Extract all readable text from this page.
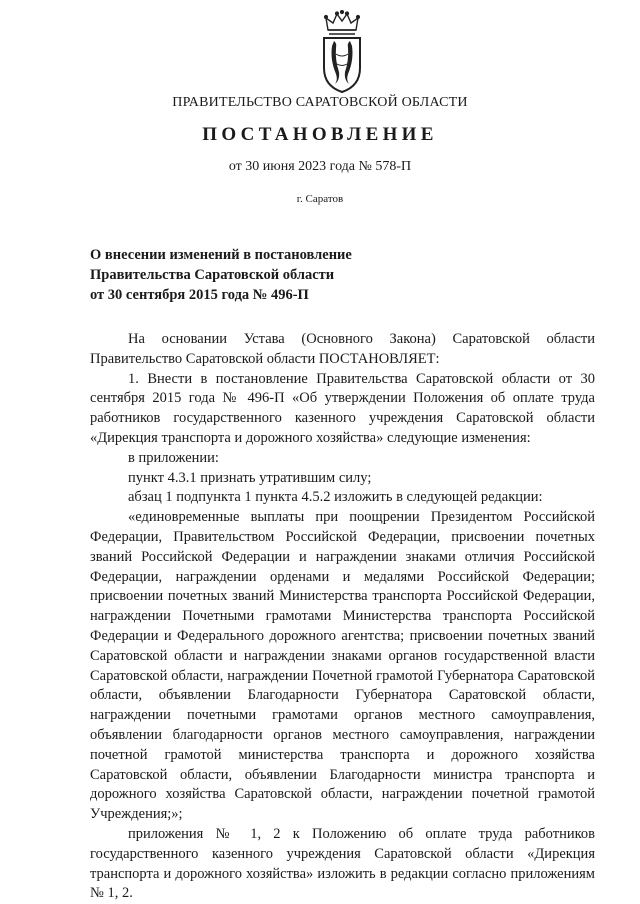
ПРАВИТЕЛЬСТВО САРАТОВСКОЙ ОБЛАСТИ
ПОСТАНОВЛЕНИЕ
от 30 июня 2023 года № 578-П
г. Саратов
О внесении изменений в постановление
Правительства Саратовской области
от 30 сентября 2015 года № 496-П

На основании Устава (Основного Закона) Саратовской области Правительство Саратовской области ПОСТАНОВЛЯЕТ:

1. Внести в постановление Правительства Саратовской области от 30 сентября 2015 года № 496-П «Об утверждении Положения об оплате труда работников государственного казенного учреждения Саратовской области «Дирекция транспорта и дорожного хозяйства» следующие изменения:

в приложении:

пункт 4.3.1 признать утратившим силу;

абзац 1 подпункта 1 пункта 4.5.2 изложить в следующей редакции:

«единовременные выплаты при поощрении Президентом Российской Федерации, Правительством Российской Федерации, присвоении почетных званий Российской Федерации и награждении знаками отличия Российской Федерации, награждении орденами и медалями Российской Федерации; присвоении почетных званий Министерства транспорта Российской Федерации, награждении Почетными грамотами Министерства транспорта Российской Федерации и Федерального дорожного агентства; присвоении почетных званий Саратовской области и награждении знаками органов государственной власти Саратовской области, награждении Почетной грамотой Губернатора Саратовской области, объявлении Благодарности Губернатора Саратовской области, награждении почетными грамотами органов местного самоуправления, объявлении благодарности органов местного самоуправления, награждении почетной грамотой министерства транспорта и дорожного хозяйства Саратовской области, объявлении Благодарности министра транспорта и дорожного хозяйства Саратовской области, награждении почетной грамотой Учреждения;»;

приложения № 1, 2 к Положению об оплате труда работников государственного казенного учреждения Саратовской области «Дирекция транспорта и дорожного хозяйства» изложить в редакции согласно приложениям № 1, 2.
